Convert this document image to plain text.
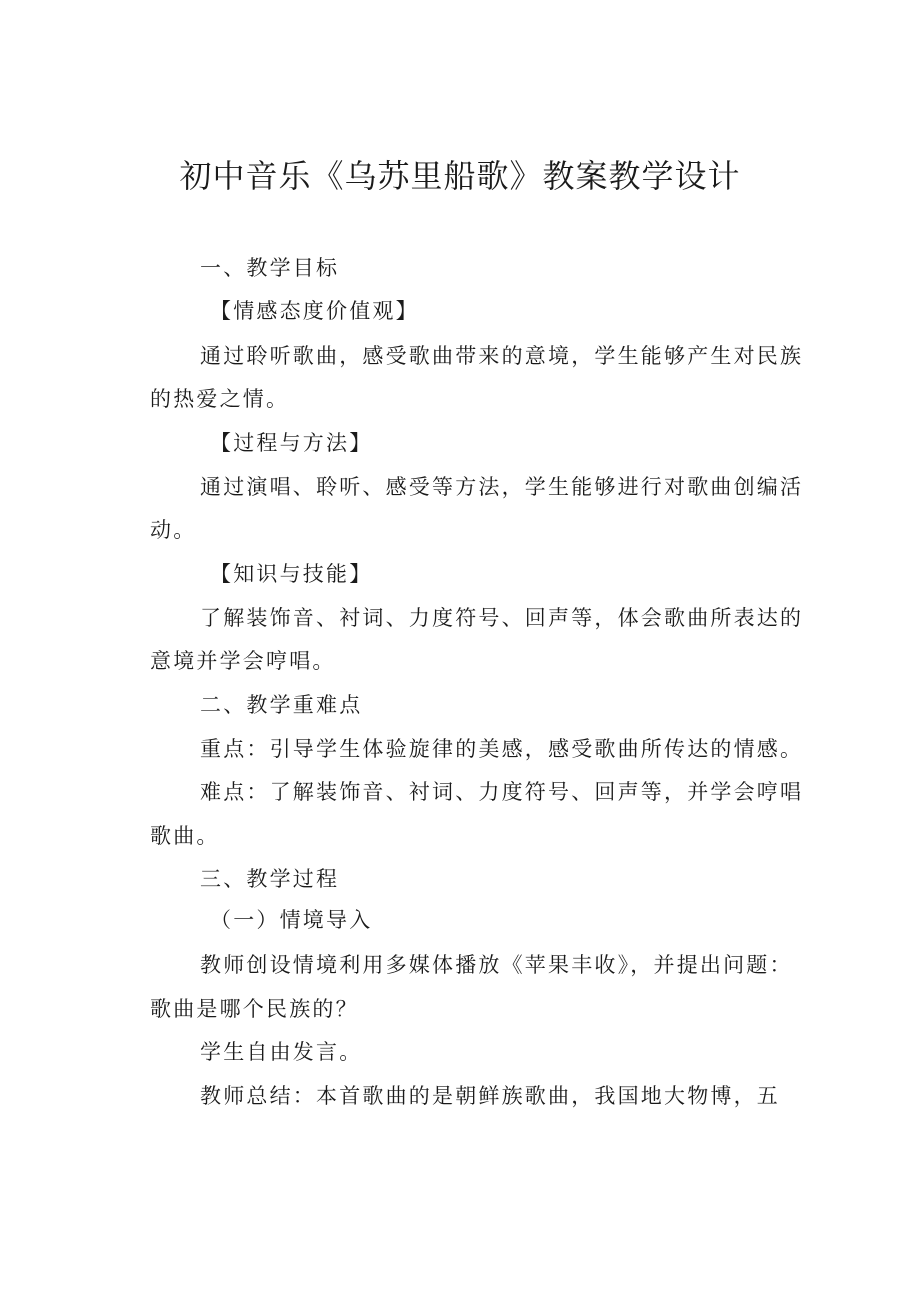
初中音乐《乌苏里船歌》教案教学设计
一、教学目标
【情感态度价值观】
通过聆听歌曲，感受歌曲带来的意境，学生能够产生对民族
的热爱之情。
【过程与方法】
通过演唱、聆听、感受等方法，学生能够进行对歌曲创编活
动。
【知识与技能】
了解装饰音、衬词、力度符号、回声等，体会歌曲所表达的
意境并学会哼唱。
二、教学重难点
重点：引导学生体验旋律的美感，感受歌曲所传达的情感。
难点：了解装饰音、衬词、力度符号、回声等，并学会哼唱
歌曲。
三、教学过程
（一）情境导入
教师创设情境利用多媒体播放《苹果丰收》，并提出问题：
歌曲是哪个民族的？
学生自由发言。
教师总结：本首歌曲的是朝鲜族歌曲，我国地大物博，五
